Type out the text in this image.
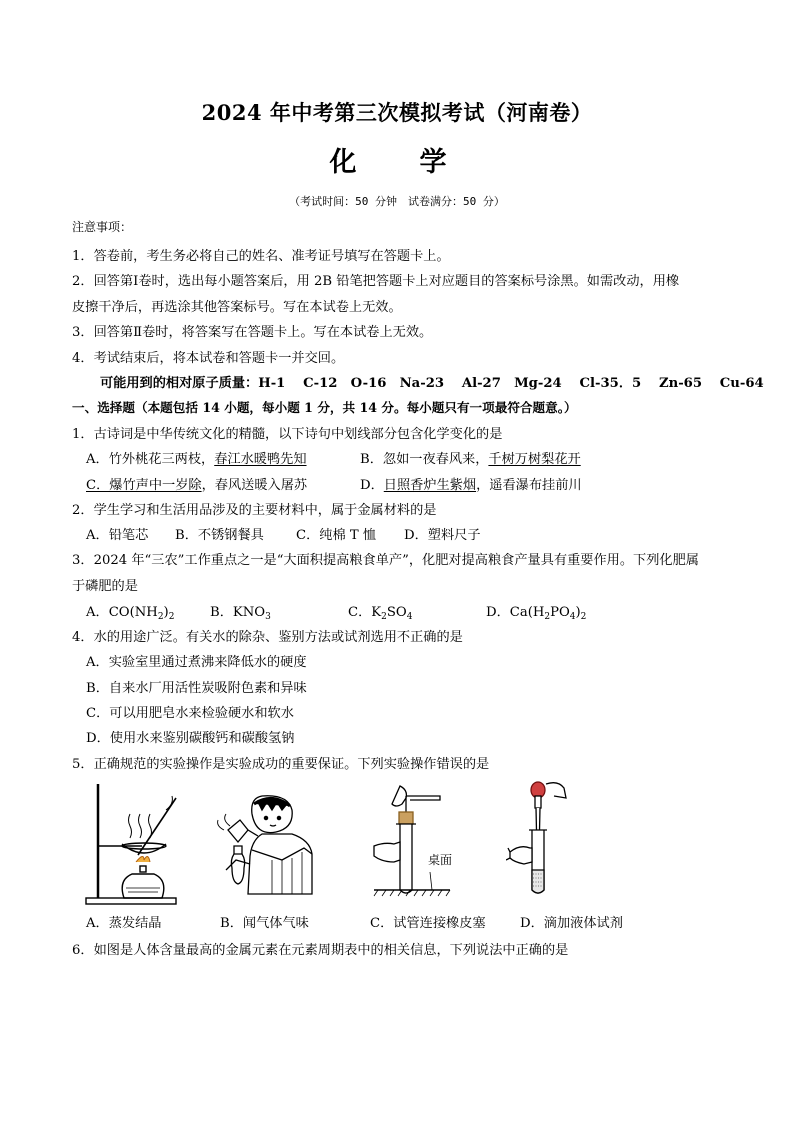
2024 年中考第三次模拟考试（河南卷）
化　学
（考试时间：50 分钟　试卷满分：50 分）
注意事项：
1．答卷前，考生务必将自己的姓名、准考证号填写在答题卡上。
2．回答第Ⅰ卷时，选出每小题答案后，用 2B 铅笔把答题卡上对应题目的答案标号涂黑。如需改动，用橡
皮擦干净后，再选涂其他答案标号。写在本试卷上无效。
3．回答第Ⅱ卷时，将答案写在答题卡上。写在本试卷上无效。
4．考试结束后，将本试卷和答题卡一并交回。
可能用到的相对原子质量：H-1　 C-12　O-16　Na-23　 Al-27　Mg-24　 Cl-35．5　 Zn-65　 Cu-64
一、选择题（本题包括 14 小题，每小题 1 分，共 14 分。每小题只有一项最符合题意。）
1．古诗词是中华传统文化的精髓，以下诗句中划线部分包含化学变化的是
A．竹外桃花三两枝，春江水暖鸭先知	B．忽如一夜春风来，千树万树梨花开
C．爆竹声中一岁除，春风送暖入屠苏	D．日照香炉生紫烟，遥看瀑布挂前川
2．学生学习和生活用品涉及的主要材料中，属于金属材料的是
A．铅笔芯 B．不锈钢餐具 C．纯棉 T 恤 D．塑料尺子
3．2024 年“三农”工作重点之一是“大面积提高粮食单产”，化肥对提高粮食产量具有重要作用。下列化肥属
于磷肥的是
A．$CO(NH_2)_2$	B．$KNO_3$	C．$K_2SO_4$	D．$Ca(H_2PO_4)_2$
4．水的用途广泛。有关水的除杂、鉴别方法或试剂选用不正确的是
A．实验室里通过煮沸来降低水的硬度
B．自来水厂用活性炭吸附色素和异味
C．可以用肥皂水来检验硬水和软水
D．使用水来鉴别碳酸钙和碳酸氢钠
5．正确规范的实验操作是实验成功的重要保证。下列实验操作错误的是
桌面
A．蒸发结晶	B．闻气体气味	C．试管连接橡皮塞	D．滴加液体试剂
6．如图是人体含量最高的金属元素在元素周期表中的相关信息，下列说法中正确的是
